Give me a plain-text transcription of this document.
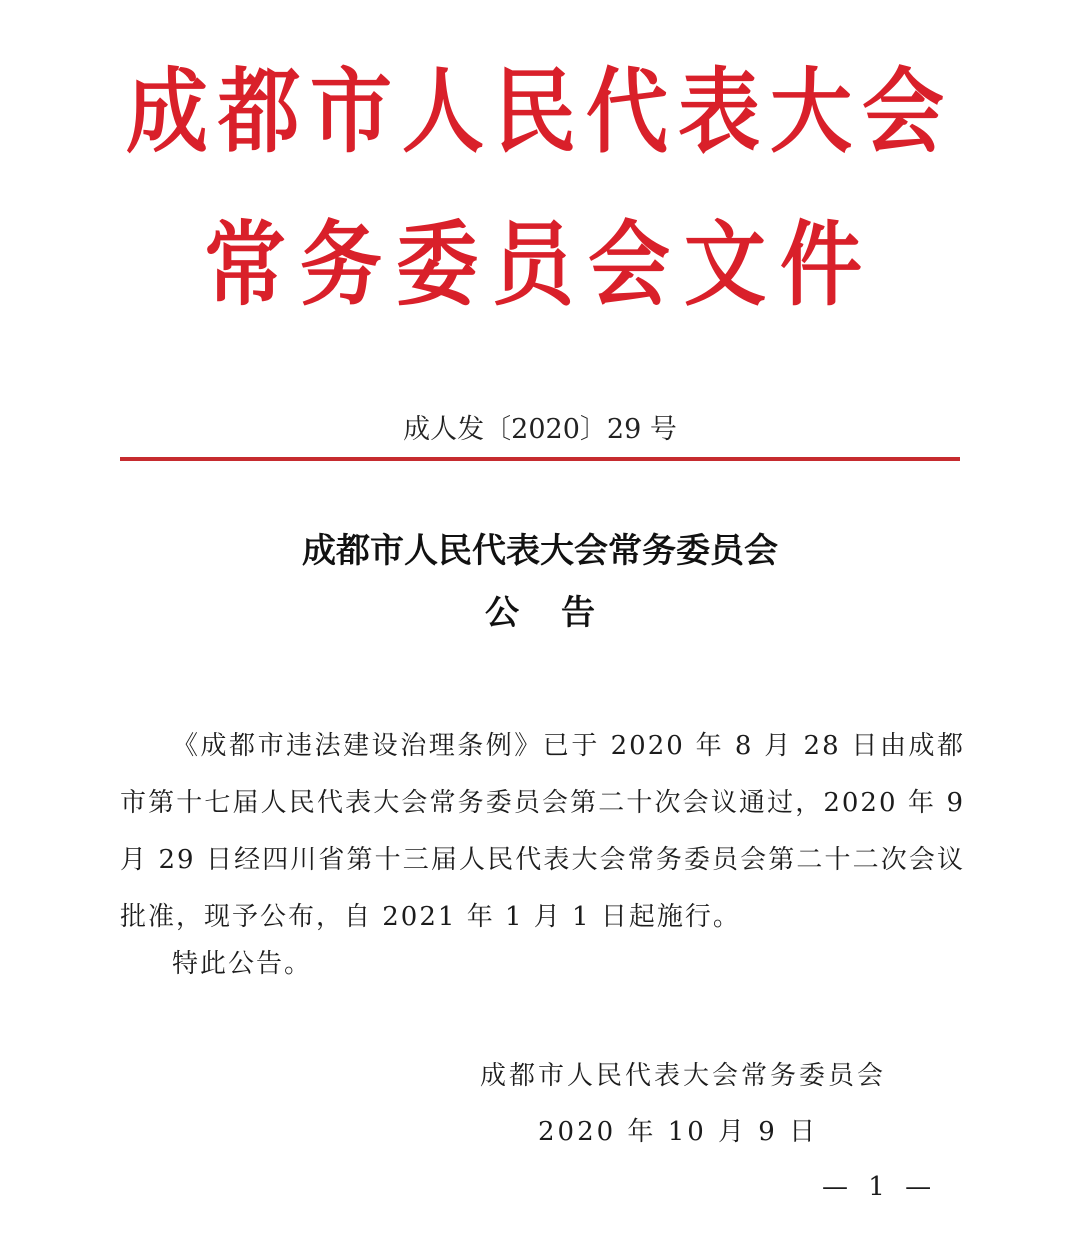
成都市人民代表大会
常务委员会文件
成人发〔2020〕29 号
成都市人民代表大会常务委员会
公告

《成都市违法建设治理条例》已于 2020 年 8 月 28 日由成都市第十七届人民代表大会常务委员会第二十次会议通过，2020 年 9 月 29 日经四川省第十三届人民代表大会常务委员会第二十二次会议批准，现予公布，自 2021 年 1 月 1 日起施行。

特此公告。
成都市人民代表大会常务委员会
2020 年 10 月 9 日
— 1 —
